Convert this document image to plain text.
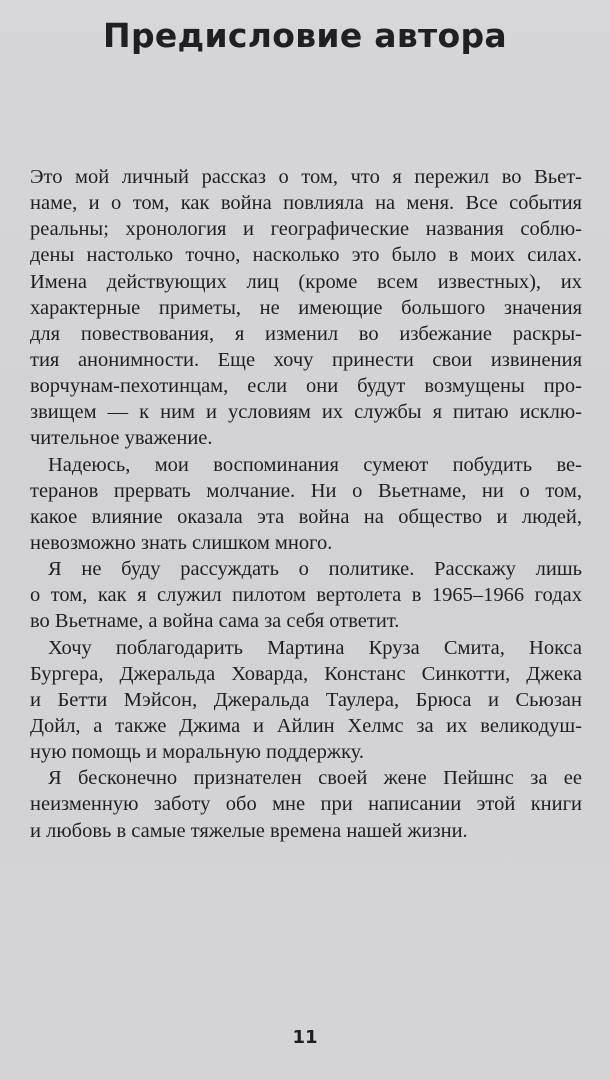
Предисловие автора
Это мой личный рассказ о том, что я пережил во Вьет-
наме, и о том, как война повлияла на меня. Все события
реальны; хронология и географические названия соблю-
дены настолько точно, насколько это было в моих силах.
Имена действующих лиц (кроме всем известных), их
характерные приметы, не имеющие большого значения
для повествования, я изменил во избежание раскры-
тия анонимности. Еще хочу принести свои извинения
ворчунам-пехотинцам, если они будут возмущены про-
звищем — к ним и условиям их службы я питаю исклю-
чительное уважение.
Надеюсь, мои воспоминания сумеют побудить ве-
теранов прервать молчание. Ни о Вьетнаме, ни о том,
какое влияние оказала эта война на общество и людей,
невозможно знать слишком много.
Я не буду рассуждать о политике. Расскажу лишь
о том, как я служил пилотом вертолета в 1965–1966 годах
во Вьетнаме, а война сама за себя ответит.
Хочу поблагодарить Мартина Круза Смита, Нокса
Бургера, Джеральда Ховарда, Констанс Синкотти, Джека
и Бетти Мэйсон, Джеральда Таулера, Брюса и Сьюзан
Дойл, а также Джима и Айлин Хелмс за их великодуш-
ную помощь и моральную поддержку.
Я бесконечно признателен своей жене Пейшнс за ее
неизменную заботу обо мне при написании этой книги
и любовь в самые тяжелые времена нашей жизни.
11
